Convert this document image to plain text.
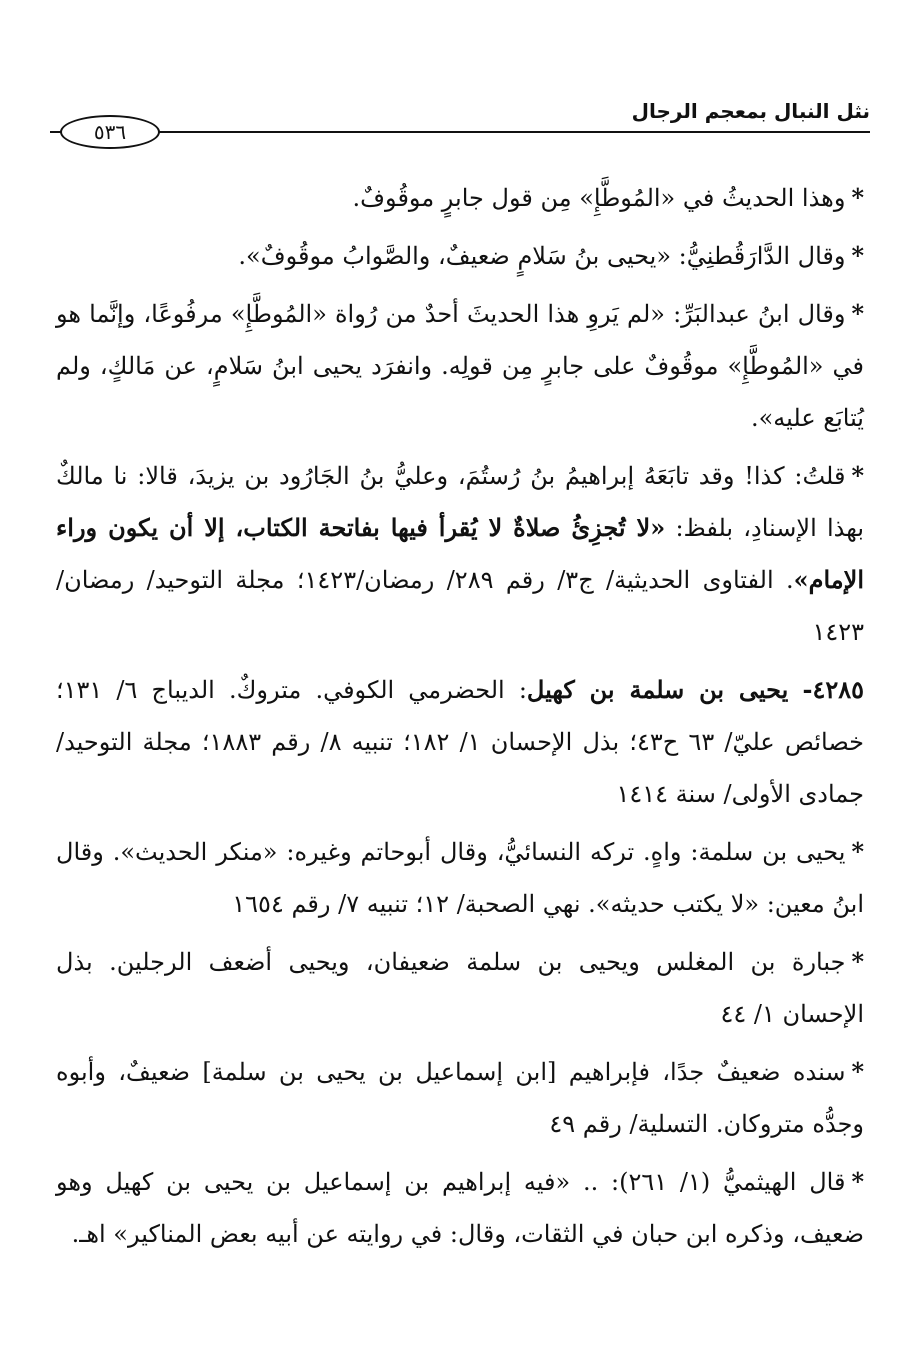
نثل النبال بمعجم الرجال
٥٣٦

*وهذا الحديثُ في «المُوطَّإِ» مِن قول جابرٍ موقُوفٌ.

*وقال الدَّارَقُطنِيُّ: «يحيى بنُ سَلامٍ ضعيفٌ، والصَّوابُ موقُوفٌ».

*وقال ابنُ عبدالبَرِّ: «لم يَروِ هذا الحديثَ أحدٌ من رُواة «المُوطَّإِ» مرفُوعًا، وإنَّما هو في «المُوطَّإِ» موقُوفٌ على جابرٍ مِن قولِه. وانفرَد يحيى ابنُ سَلامٍ، عن مَالكٍ، ولم يُتابَع عليه».

*قلتُ: كذا! وقد تابَعَهُ إبراهيمُ بنُ رُستُمَ، وعليُّ بنُ الجَارُود بن يزيدَ، قالا: نا مالكٌ بهذا الإسنادِ، بلفظ: «لا تُجزِئُ صلاةٌ لا يُقرأ فيها بفاتحة الكتاب، إلا أن يكون وراء الإمام». الفتاوى الحديثية/ ج٣/ رقم ٢٨٩/ رمضان/١٤٢٣؛ مجلة التوحيد/ رمضان/١٤٢٣

٤٢٨٥- يحيى بن سلمة بن كهيل: الحضرمي الكوفي. متروكٌ. الديباج ٦/ ١٣١؛ خصائص عليّ/ ٦٣ ح٤٣؛ بذل الإحسان ١/ ١٨٢؛ تنبيه ٨/ رقم ١٨٨٣؛ مجلة التوحيد/ جمادى الأولى/ سنة ١٤١٤

*يحيى بن سلمة: واهٍ. تركه النسائيُّ، وقال أبوحاتم وغيره: «منكر الحديث». وقال ابنُ معين: «لا يكتب حديثه». نهي الصحبة/ ١٢؛ تنبيه ٧/ رقم ١٦٥٤

*جبارة بن المغلس ويحيى بن سلمة ضعيفان، ويحيى أضعف الرجلين. بذل الإحسان ١/ ٤٤

*سنده ضعيفٌ جدًا، فإبراهيم [ابن إسماعيل بن يحيى بن سلمة] ضعيفٌ، وأبوه وجدُّه متروكان. التسلية/ رقم ٤٩

*قال الهيثميُّ (١/ ٢٦١): .. «فيه إبراهيم بن إسماعيل بن يحيى بن كهيل وهو ضعيف، وذكره ابن حبان في الثقات، وقال: في روايته عن أبيه بعض المناكير» اهـ.
